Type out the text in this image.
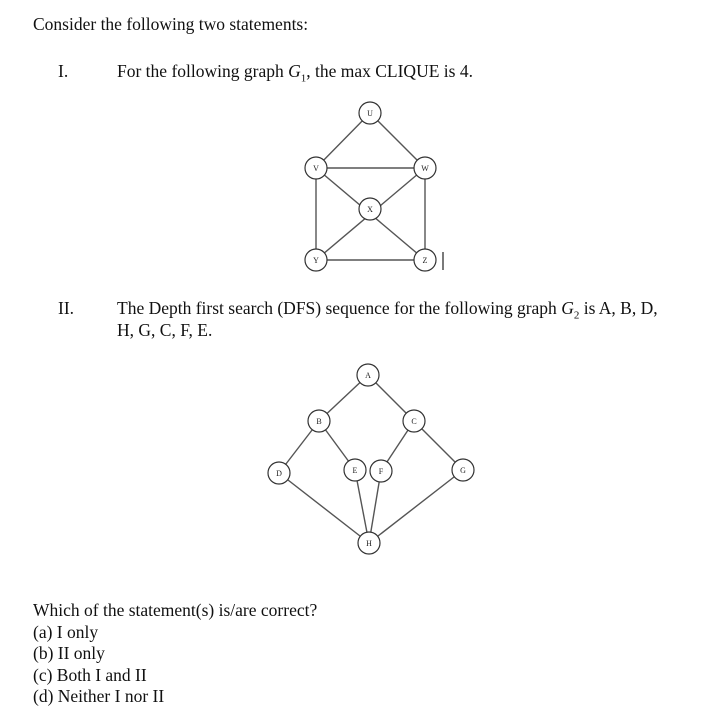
Consider the following two statements:
I.	For the following graph $G_1$, the max CLIQUE is 4.
U
V	W
X
Y	Z
A
B	C
D	E	F	G
H
II. The Depth first search (DFS) sequence for the following graph $G_2$ is A, B, D,
H, G, C, F, E.
Which of the statement(s) is/are correct?
(a) I only
(b) II only
(c) Both I and II
(d) Neither I nor II
